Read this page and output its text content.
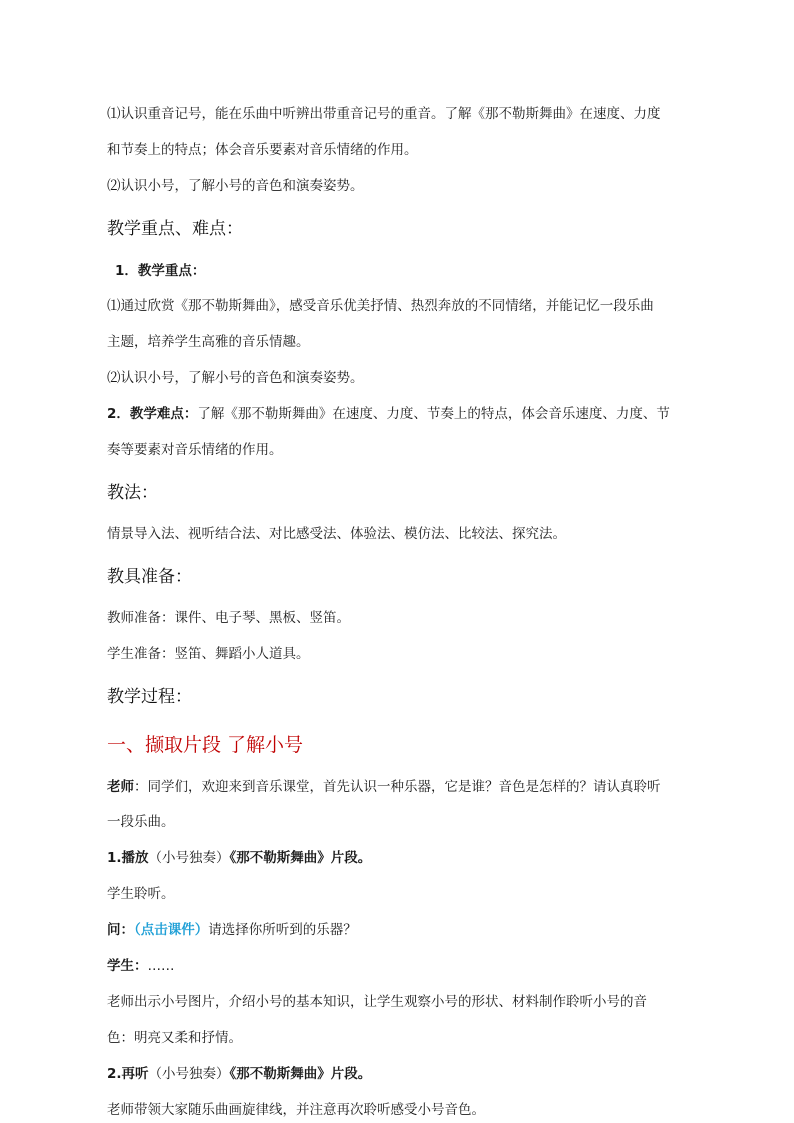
⑴认识重音记号，能在乐曲中听辨出带重音记号的重音。了解《那不勒斯舞曲》在速度、力度
和节奏上的特点；体会音乐要素对音乐情绪的作用。
⑵认识小号，了解小号的音色和演奏姿势。
教学重点、难点：
1．教学重点：
⑴通过欣赏《那不勒斯舞曲》，感受音乐优美抒情、热烈奔放的不同情绪，并能记忆一段乐曲
主题，培养学生高雅的音乐情趣。
⑵认识小号，了解小号的音色和演奏姿势。
2．教学难点：了解《那不勒斯舞曲》在速度、力度、节奏上的特点，体会音乐速度、力度、节
奏等要素对音乐情绪的作用。
教法：
情景导入法、视听结合法、对比感受法、体验法、模仿法、比较法、探究法。
教具准备：
教师准备：课件、电子琴、黑板、竖笛。
学生准备：竖笛、舞蹈小人道具。
教学过程：
一、撷取片段 了解小号
老师：同学们，欢迎来到音乐课堂，首先认识一种乐器，它是谁？音色是怎样的？请认真聆听
一段乐曲。
1.播放（小号独奏）《那不勒斯舞曲》片段。
学生聆听。
问：（点击课件）请选择你所听到的乐器？
学生：……
老师出示小号图片，介绍小号的基本知识，让学生观察小号的形状、材料制作聆听小号的音
色：明亮又柔和抒情。
2.再听（小号独奏）《那不勒斯舞曲》片段。
老师带领大家随乐曲画旋律线，并注意再次聆听感受小号音色。
